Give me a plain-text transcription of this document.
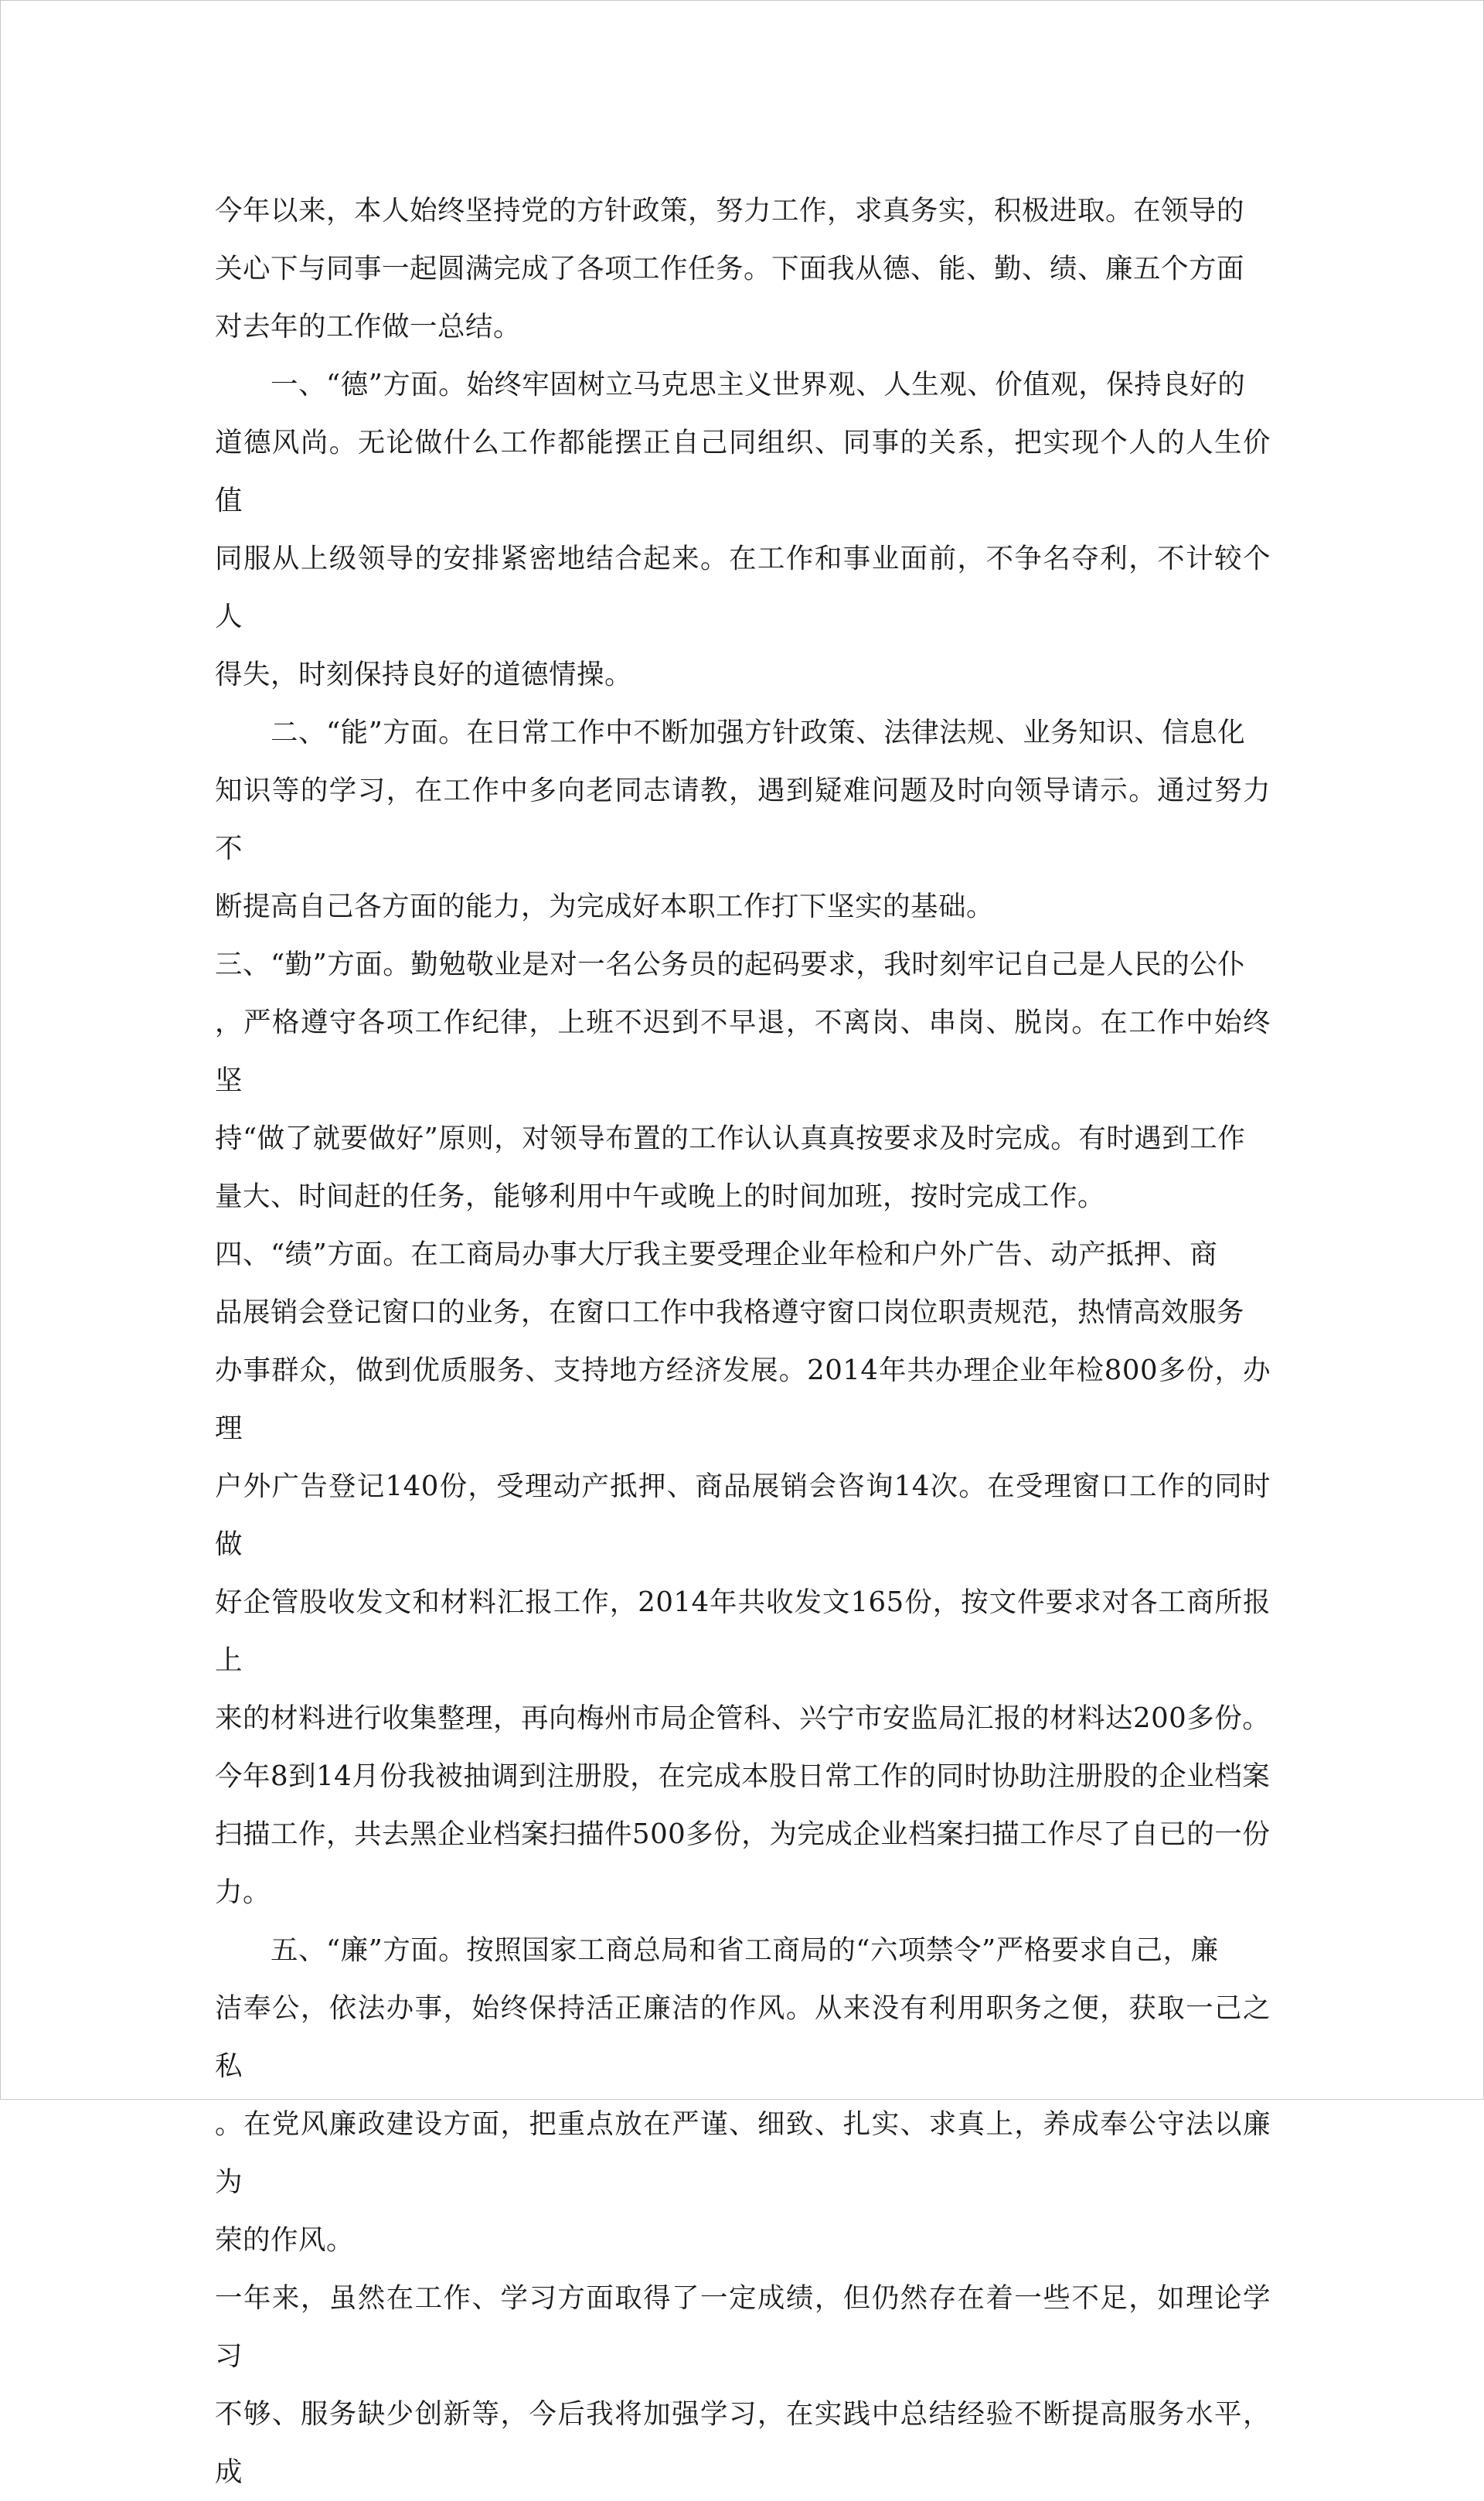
今年以来，本人始终坚持党的方针政策，努力工作，求真务实，积极进取。在领导的
关心下与同事一起圆满完成了各项工作任务。下面我从德、能、勤、绩、廉五个方面
对去年的工作做一总结。

一、“德”方面。始终牢固树立马克思主义世界观、人生观、价值观，保持良好的
道德风尚。无论做什么工作都能摆正自己同组织、同事的关系，把实现个人的人生价值
同服从上级领导的安排紧密地结合起来。在工作和事业面前，不争名夺利，不计较个人
得失，时刻保持良好的道德情操。

二、“能”方面。在日常工作中不断加强方针政策、法律法规、业务知识、信息化
知识等的学习，在工作中多向老同志请教，遇到疑难问题及时向领导请示。通过努力不
断提高自己各方面的能力，为完成好本职工作打下坚实的基础。

三、“勤”方面。勤勉敬业是对一名公务员的起码要求，我时刻牢记自己是人民的公仆
，严格遵守各项工作纪律，上班不迟到不早退，不离岗、串岗、脱岗。在工作中始终坚
持“做了就要做好”原则，对领导布置的工作认认真真按要求及时完成。有时遇到工作
量大、时间赶的任务，能够利用中午或晚上的时间加班，按时完成工作。

四、“绩”方面。在工商局办事大厅我主要受理企业年检和户外广告、动产抵押、商
品展销会登记窗口的业务，在窗口工作中我格遵守窗口岗位职责规范，热情高效服务
办事群众，做到优质服务、支持地方经济发展。2014年共办理企业年检800多份，办理
户外广告登记140份，受理动产抵押、商品展销会咨询14次。在受理窗口工作的同时做
好企管股收发文和材料汇报工作，2014年共收发文165份，按文件要求对各工商所报上
来的材料进行收集整理，再向梅州市局企管科、兴宁市安监局汇报的材料达200多份。
今年8到14月份我被抽调到注册股，在完成本股日常工作的同时协助注册股的企业档案
扫描工作，共去黑企业档案扫描件500多份，为完成企业档案扫描工作尽了自已的一份
力。

五、“廉”方面。按照国家工商总局和省工商局的“六项禁令”严格要求自己，廉
洁奉公，依法办事，始终保持活正廉洁的作风。从来没有利用职务之便，获取一己之私
。在党风廉政建设方面，把重点放在严谨、细致、扎实、求真上，养成奉公守法以廉为
荣的作风。

一年来，虽然在工作、学习方面取得了一定成绩，但仍然存在着一些不足，如理论学习
不够、服务缺少创新等，今后我将加强学习，在实践中总结经验不断提高服务水平，成
